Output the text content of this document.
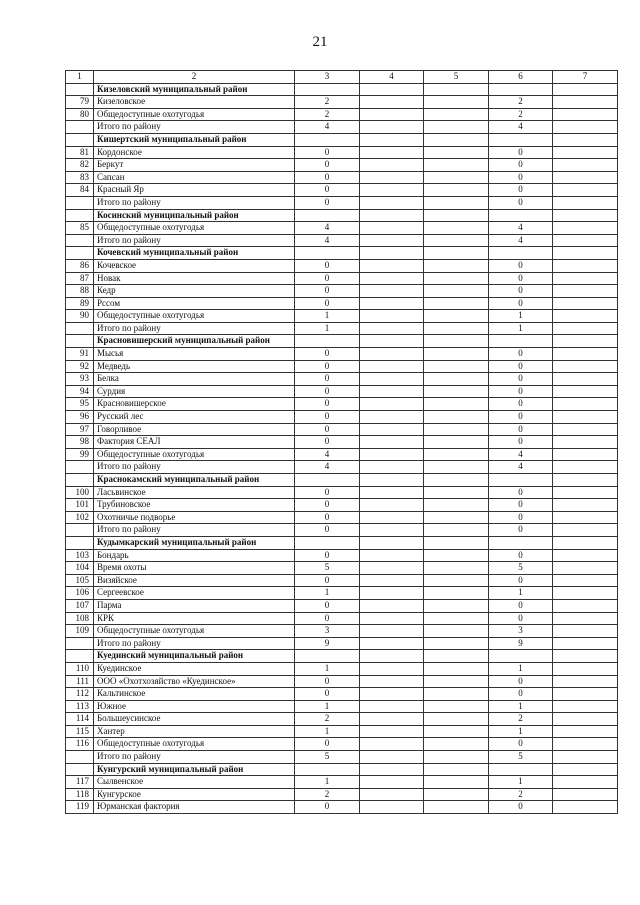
21
1	2	3	4	5	6	7
	Кизеловский муниципальный район					
79	Кизеловское	2			2	
80	Общедоступные охотугодья	2			2	
	Итого по району	4			4	
	Кишертский муниципальный район					
81	Кордонское	0			0	
82	Беркут	0			0	
83	Сапсан	0			0	
84	Красный Яр	0			0	
	Итого по району	0			0	
	Косинский муниципальный район					
85	Общедоступные охотугодья	4			4	
	Итого по району	4			4	
	Кочевский муниципальный район					
86	Кочевское	0			0	
87	Новак	0			0	
88	Кедр	0			0	
89	Рссом	0			0	
90	Общедоступные охотугодья	1			1	
	Итого по району	1			1	
	Красновишерский муниципальный район					
91	Мысья	0			0	
92	Медведь	0			0	
93	Белка	0			0	
94	Сурдия	0			0	
95	Красновишерское	0			0	
96	Русский лес	0			0	
97	Говорливое	0			0	
98	Фактория СЕАЛ	0			0	
99	Общедоступные охотугодья	4			4	
	Итого по району	4			4	
	Краснокамский муниципальный район					
100	Ласьвинское	0			0	
101	Трубиновское	0			0	
102	Охотничье подворье	0			0	
	Итого по району	0			0	
	Кудымкарский муниципальный район					
103	Бондарь	0			0	
104	Время охоты	5			5	
105	Визяйское	0			0	
106	Сергеевское	1			1	
107	Парма	0			0	
108	КРК	0			0	
109	Общедоступные охотугодья	3			3	
	Итого по району	9			9	
	Куединский муниципальный район					
110	Куединское	1			1	
111	ООО «Охотхозяйство «Куединское»	0			0	
112	Кальтинское	0			0	
113	Южное	1			1	
114	Большеусинское	2			2	
115	Хантер	1			1	
116	Общедоступные охотугодья	0			0	
	Итого по району	5			5	
	Кунгурский муниципальный район					
117	Сылвенское	1			1	
118	Кунгурское	2			2	
119	Юрманская фактория	0			0	
